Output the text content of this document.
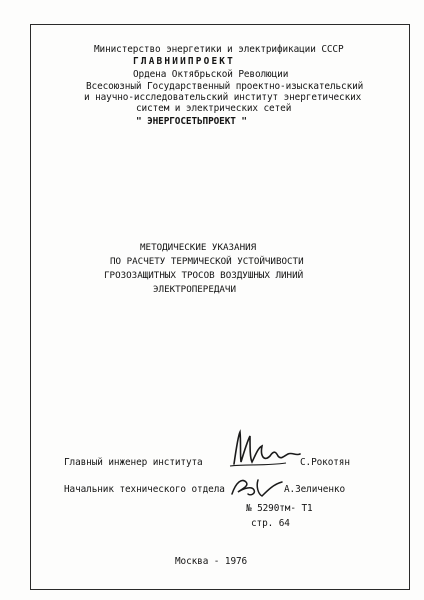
Министерство энергетики и электрификации СССР
ГЛАВНИИПРОЕКТ
Ордена Октябрьской Революции
Всесоюзный Государственный проектно-изыскательский
и научно-исследовательский институт энергетических
систем и электрических сетей
" ЭНЕРГОСЕТЬПРОЕКТ "
МЕТОДИЧЕСКИЕ УКАЗАНИЯ
ПО РАСЧЕТУ ТЕРМИЧЕСКОЙ УСТОЙЧИВОСТИ
ГРОЗОЗАЩИТНЫХ ТРОСОВ ВОЗДУШНЫХ ЛИНИЙ
ЭЛЕКТРОПЕРЕДАЧИ
Главный инженер института	С.Рокотян
Начальник технического отдела	А.Зеличенко
№ 5290тм- Т1
стр. 64
Москва - 1976
